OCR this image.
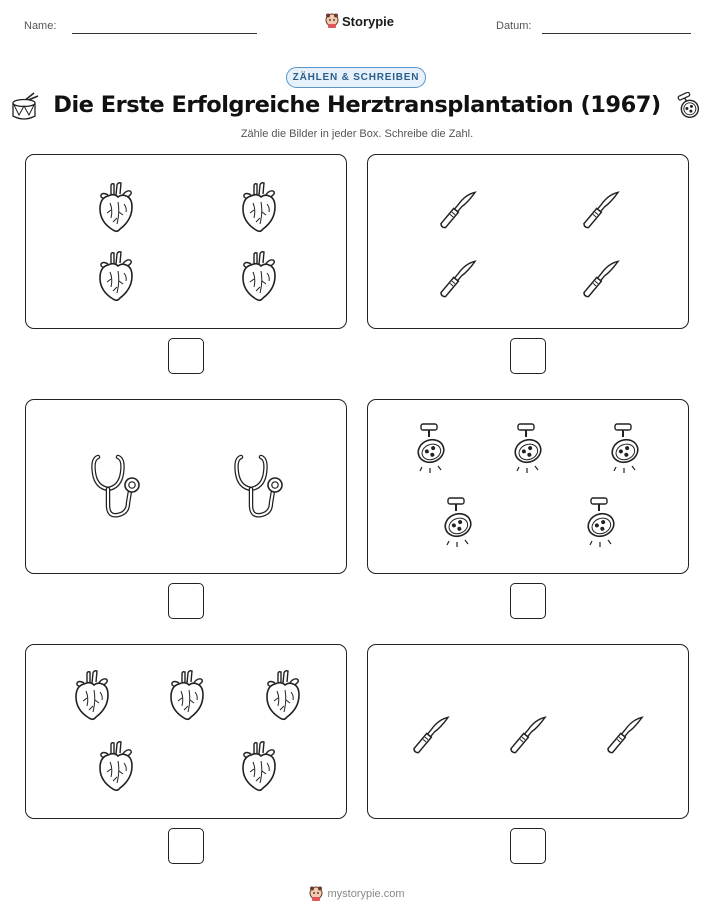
Name:	Storypie	Datum:
ZÄHLEN & SCHREIBEN
Die Erste Erfolgreiche Herztransplantation (1967)
Zähle die Bilder in jeder Box. Schreibe die Zahl.
mystorypie.com
